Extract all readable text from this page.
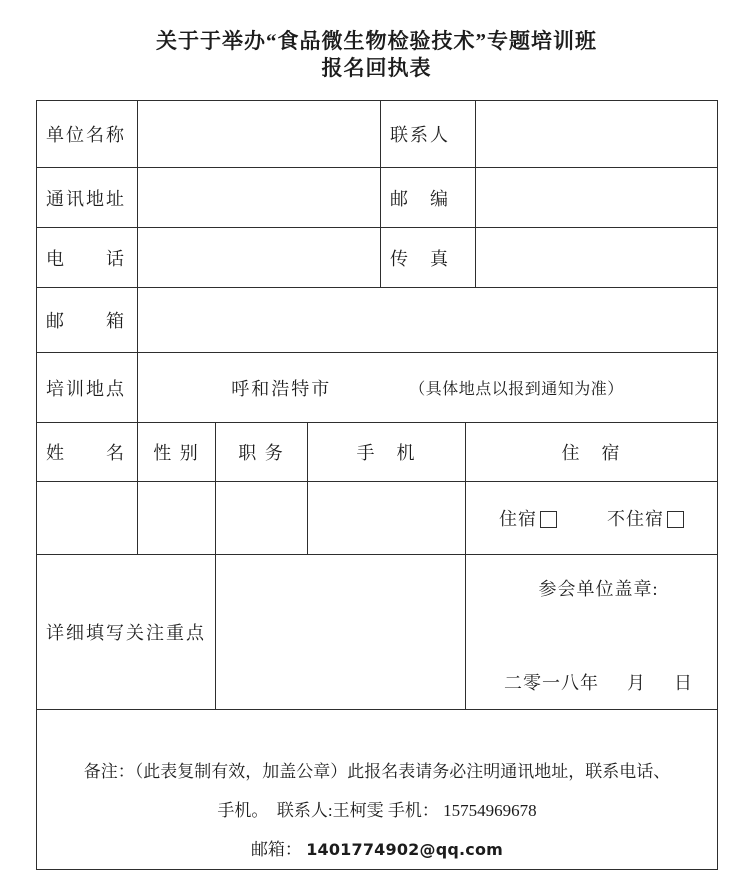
关于于举办“食品微生物检验技术”专题培训班
报名回执表
单位名称				联系人		
通讯地址				邮　编		
电　　话				传　真		
邮　　箱						
培训地点	呼和浩特市 （具体地点以报到通知为准）					

姓　　名	性 别	职 务	手　机		住　宿	

					住宿 不住宿	

详细填写关注重点					参会单位盖章:
二零一八年 月 日	

备注：（此表复制有效，加盖公章）此报名表请务必注明通讯地址，联系电话、
手机。　联系人:王柯雯 手机： 15754969678
邮箱： 1401774902@qq.com						
